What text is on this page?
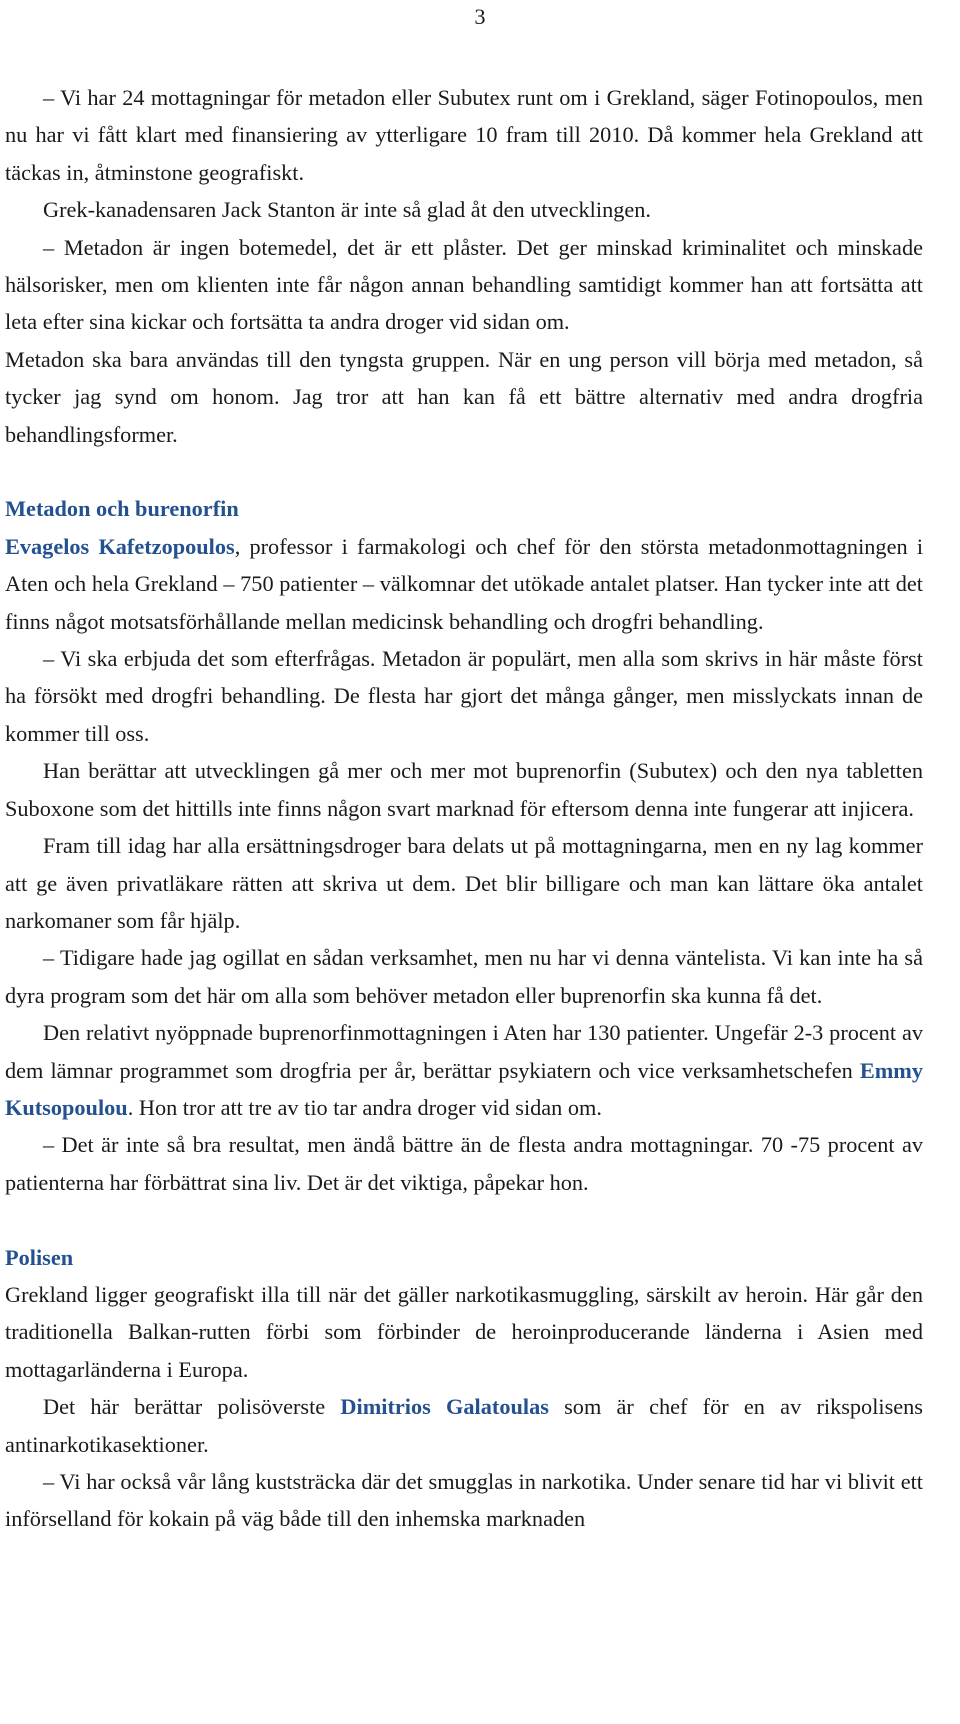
3

– Vi har 24 mottagningar för metadon eller Subutex runt om i Grekland, säger Fotinopoulos, men nu har vi fått klart med finansiering av ytterligare 10 fram till 2010. Då kommer hela Grekland att täckas in, åtminstone geografiskt.

Grek-kanadensaren Jack Stanton är inte så glad åt den utvecklingen.

– Metadon är ingen botemedel, det är ett plåster. Det ger minskad kriminalitet och minskade hälsorisker, men om klienten inte får någon annan behandling samtidigt kommer han att fortsätta att leta efter sina kickar och fortsätta ta andra droger vid sidan om.

Metadon ska bara användas till den tyngsta gruppen. När en ung person vill börja med metadon, så tycker jag synd om honom. Jag tror att han kan få ett bättre alternativ med andra drogfria behandlingsformer.

Metadon och burenorfin

Evagelos Kafetzopoulos, professor i farmakologi och chef för den största metadonmottagningen i Aten och hela Grekland – 750 patienter – välkomnar det utökade antalet platser. Han tycker inte att det finns något motsatsförhållande mellan medicinsk behandling och drogfri behandling.

– Vi ska erbjuda det som efterfrågas. Metadon är populärt, men alla som skrivs in här måste först ha försökt med drogfri behandling. De flesta har gjort det många gånger, men misslyckats innan de kommer till oss.

Han berättar att utvecklingen gå mer och mer mot buprenorfin (Subutex) och den nya tabletten Suboxone som det hittills inte finns någon svart marknad för eftersom denna inte fungerar att injicera.

Fram till idag har alla ersättningsdroger bara delats ut på mottagningarna, men en ny lag kommer att ge även privatläkare rätten att skriva ut dem. Det blir billigare och man kan lättare öka antalet narkomaner som får hjälp.

– Tidigare hade jag ogillat en sådan verksamhet, men nu har vi denna väntelista. Vi kan inte ha så dyra program som det här om alla som behöver metadon eller buprenorfin ska kunna få det.

Den relativt nyöppnade buprenorfinmottagningen i Aten har 130 patienter. Ungefär 2-3 procent av dem lämnar programmet som drogfria per år, berättar psykiatern och vice verksamhetschefen Emmy Kutsopoulou. Hon tror att tre av tio tar andra droger vid sidan om.

– Det är inte så bra resultat, men ändå bättre än de flesta andra mottagningar. 70 -75 procent av patienterna har förbättrat sina liv. Det är det viktiga, påpekar hon.

Polisen

Grekland ligger geografiskt illa till när det gäller narkotikasmuggling, särskilt av heroin. Här går den traditionella Balkan-rutten förbi som förbinder de heroinproducerande länderna i Asien med mottagarländerna i Europa.

Det här berättar polisöverste Dimitrios Galatoulas som är chef för en av rikspolisens antinarkotikasektioner.

– Vi har också vår lång kuststräcka där det smugglas in narkotika. Under senare tid har vi blivit ett införselland för kokain på väg både till den inhemska marknaden
